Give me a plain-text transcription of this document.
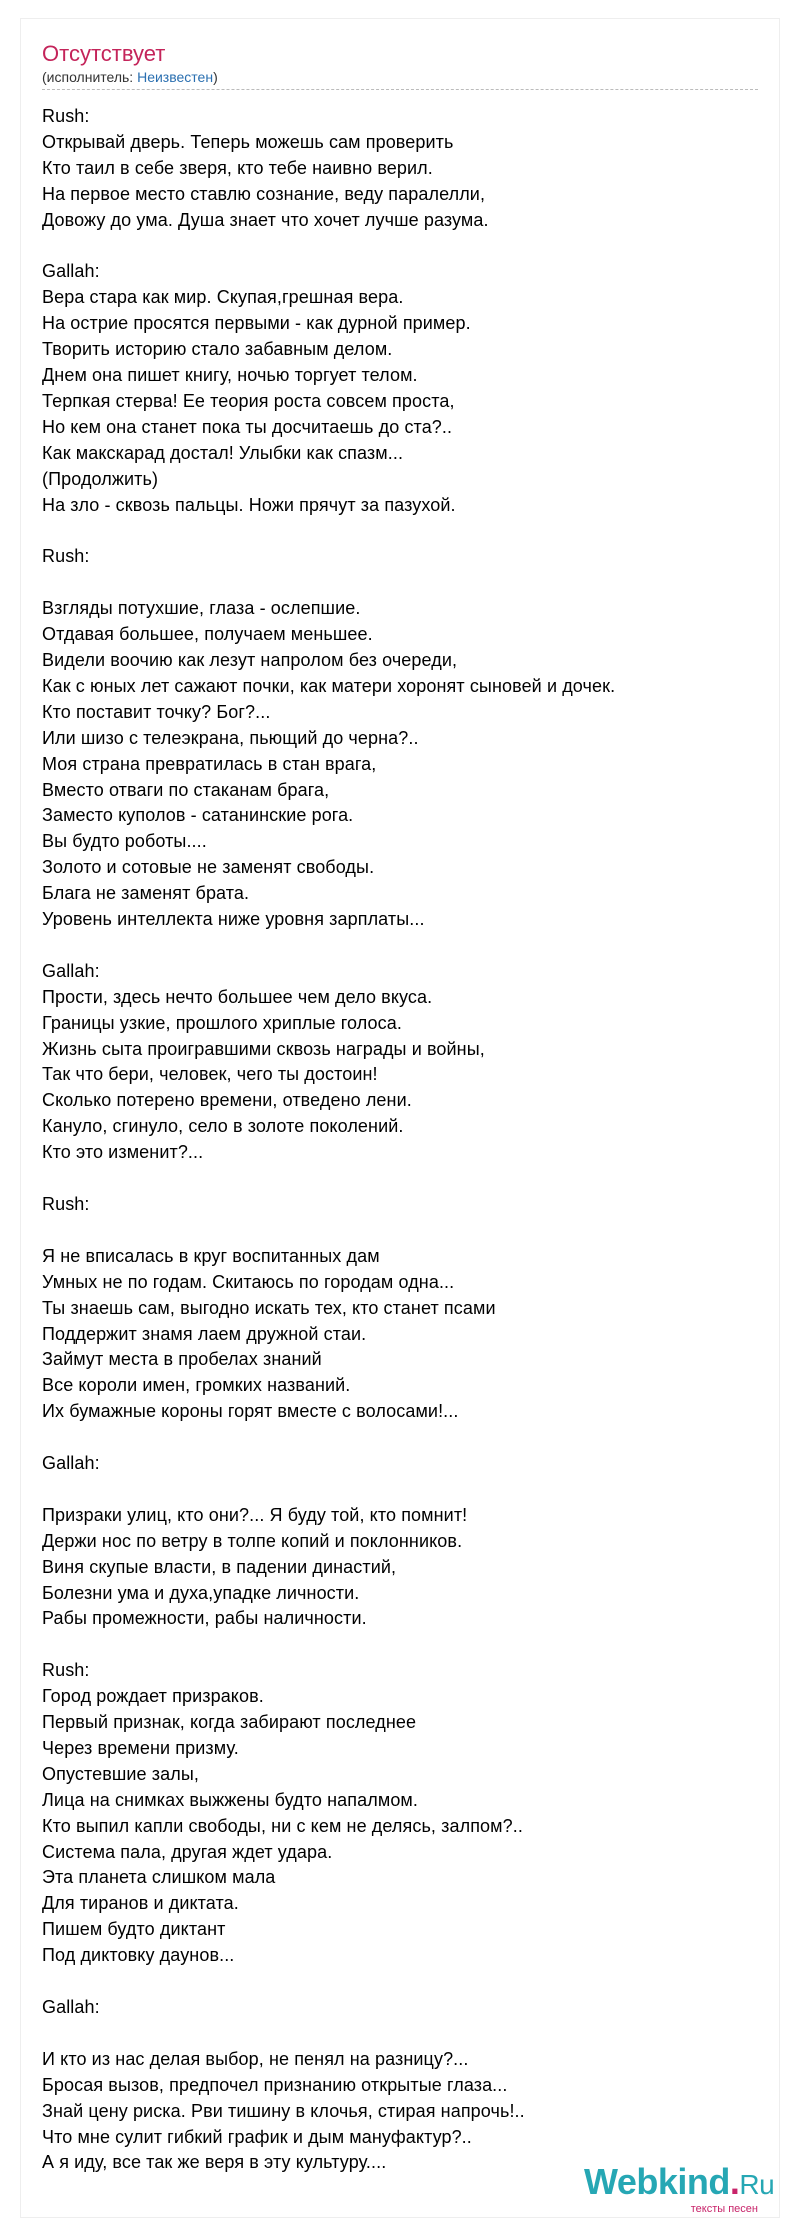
Отсутствует
(исполнитель: Неизвестен)
Rush:
Открывай дверь. Теперь можешь сам проверить
Кто таил в себе зверя, кто тебе наивно верил.
На первое место ставлю сознание, веду паралелли,
Довожу до ума. Душа знает что хочет лучше разума.
Gallah:
Вера стара как мир. Скупая,грешная вера.
На острие просятся первыми - как дурной пример.
Творить историю стало забавным делом.
Днем она пишет книгу, ночью торгует телом.
Терпкая стерва! Ее теория роста совсем проста,
Но кем она станет пока ты досчитаешь до ста?..
Как макскарад достал! Улыбки как спазм...
(Продолжить)
На зло - сквозь пальцы. Ножи прячут за пазухой.
Rush:
Взгляды потухшие, глаза - ослепшие.
Отдавая большее, получаем меньшее.
Видели воочию как лезут напролом без очереди,
Как с юных лет сажают почки, как матери хоронят сыновей и дочек.
Кто поставит точку? Бог?...
Или шизо с телеэкрана, пьющий до черна?..
Моя страна превратилась в стан врага,
Вместо отваги по стаканам брага,
Заместо куполов - сатанинские рога.
Вы будто роботы....
Золото и сотовые не заменят свободы.
Блага не заменят брата.
Уровень интеллекта ниже уровня зарплаты...
Gallah:
Прости, здесь нечто большее чем дело вкуса.
Границы узкие, прошлого хриплые голоса.
Жизнь сыта проигравшими сквозь награды и войны,
Так что бери, человек, чего ты достоин!
Сколько потерено времени, отведено лени.
Кануло, сгинуло, село в золоте поколений.
Кто это изменит?...
Rush:
Я не вписалась в круг воспитанных дам
Умных не по годам. Скитаюсь по городам одна...
Ты знаешь сам, выгодно искать тех, кто станет псами
Поддержит знамя лаем дружной стаи.
Займут места в пробелах знаний
Все короли имен, громких названий.
Их бумажные короны горят вместе с волосами!...
Gallah:
Призраки улиц, кто они?... Я буду той, кто помнит!
Держи нос по ветру в толпе копий и поклонников.
Виня скупые власти, в падении династий,
Болезни ума и духа,упадке личности.
Рабы промежности, рабы наличности.
Rush:
Город рождает призраков.
Первый признак, когда забирают последнее
Через времени призму.
Опустевшие залы,
Лица на снимках выжжены будто напалмом.
Кто выпил капли свободы, ни с кем не делясь, залпом?..
Система пала, другая ждет удара.
Эта планета слишком мала
Для тиранов и диктата.
Пишем будто диктант
Под диктовку даунов...
Gallah:
И кто из нас делая выбор, не пенял на разницу?...
Бросая вызов, предпочел признанию открытые глаза...
Знай цену риска. Рви тишину в клочья, стирая напрочь!..
Что мне сулит гибкий график и дым мануфактур?..
А я иду, все так же веря в эту культуру....	Webkind.Ru
тексты песен
